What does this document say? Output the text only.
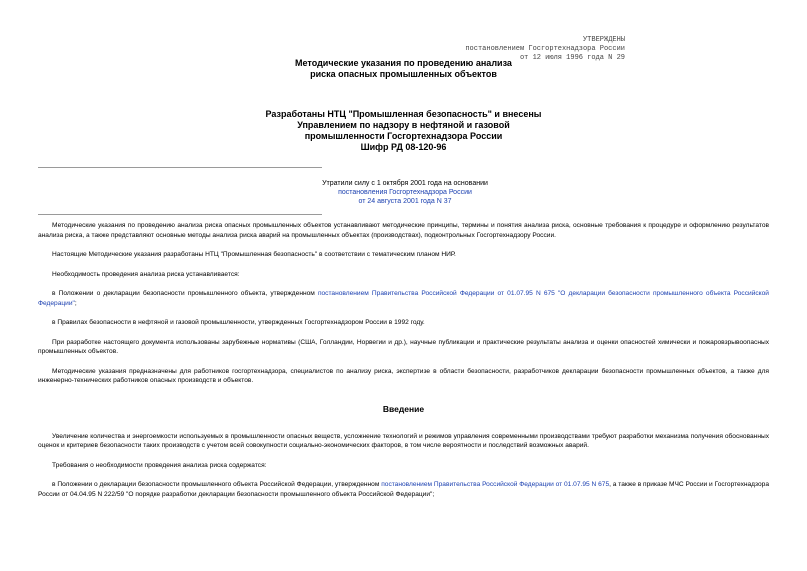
УТВЕРЖДЕНЫ
постановлением Госгортехнадзора России
от 12 июля 1996 года N 29
Методические указания по проведению анализа
риска опасных промышленных объектов
Разработаны НТЦ "Промышленная безопасность" и внесены
Управлением по надзору в нефтяной и газовой
промышленности Госгортехнадзора России
Шифр РД 08-120-96
Утратили силу с 1 октября 2001 года на основании
постановления Госгортехнадзора России
от 24 августа 2001 года N 37

Методические указания по проведению анализа риска опасных промышленных объектов устанавливают методические принципы, термины и понятия анализа риска, основные требования к процедуре и оформлению результатов анализа риска, а также представляют основные методы анализа риска аварий на промышленных объектах (производствах), подконтрольных Госгортехнадзору России.

Настоящие Методические указания разработаны НТЦ "Промышленная безопасность" в соответствии с тематическим планом НИР.

Необходимость проведения анализа риска устанавливается:

в Положении о декларации безопасности промышленного объекта, утвержденном постановлением Правительства Российской Федерации от 01.07.95 N 675 "О декларации безопасности промышленного объекта Российской Федерации";

в Правилах безопасности в нефтяной и газовой промышленности, утвержденных Госгортехнадзором России в 1992 году.

При разработке настоящего документа использованы зарубежные нормативы (США, Голландии, Норвегии и др.), научные публикации и практические результаты анализа и оценки опасностей химически и пожаровзрывоопасных промышленных объектов.

Методические указания предназначены для работников госгортехнадзора, специалистов по анализу риска, экспертизе в области безопасности, разработчиков декларации безопасности промышленных объектов, а также для инженерно-технических работников опасных производств и объектов.

Введение

Увеличение количества и энергоемкости используемых в промышленности опасных веществ, усложнение технологий и режимов управления современными производствами требуют разработки механизма получения обоснованных оценок и критериев безопасности таких производств с учетом всей совокупности социально-экономических факторов, в том числе вероятности и последствий возможных аварий.

Требования о необходимости проведения анализа риска содержатся:

в Положении о декларации безопасности промышленного объекта Российской Федерации, утвержденном постановлением Правительства Российской Федерации от 01.07.95 N 675, а также в приказе МЧС России и Госгортехнадзора России от 04.04.95 N 222/59 "О порядке разработки декларации безопасности промышленного объекта Российской Федерации";
